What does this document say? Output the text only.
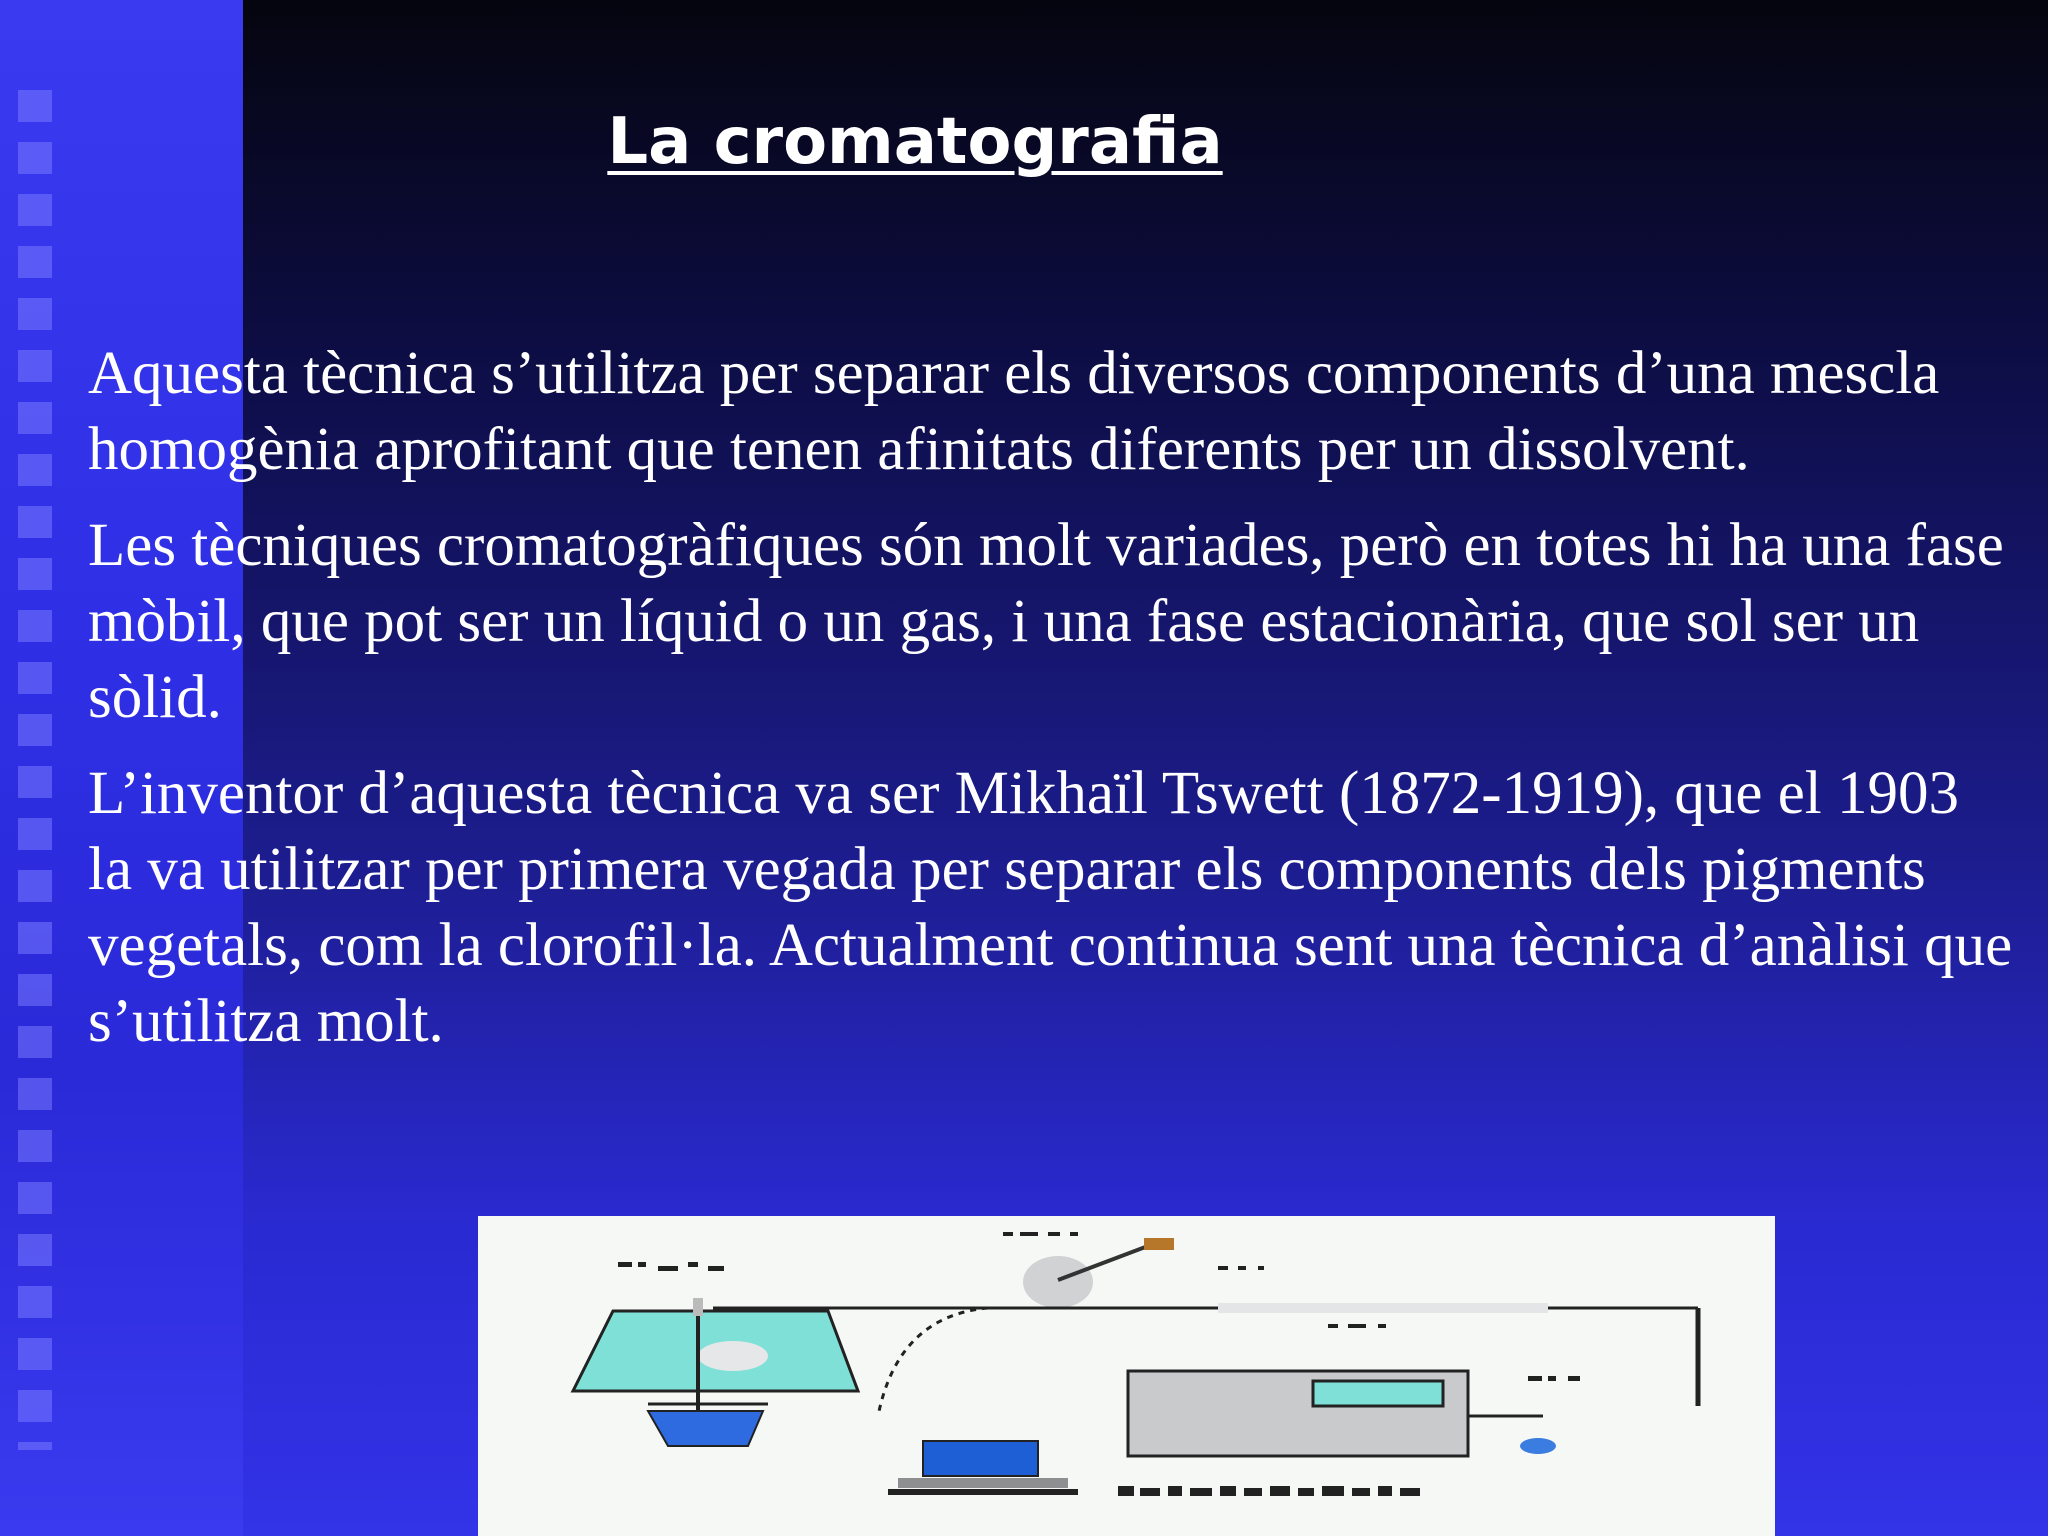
La cromatografia

Aquesta tècnica s’utilitza per separar els diversos components d’una mescla homogènia aprofitant que tenen afinitats diferents per un dissolvent.

Les tècniques cromatogràfiques són molt variades, però en totes hi ha una fase mòbil, que pot ser un líquid o un gas, i una fase estacionària, que sol ser un sòlid.

L’inventor d’aquesta tècnica va ser Mikhaïl Tswett (1872-1919), que el 1903 la va utilitzar per primera vegada per separar els components dels pigments vegetals, com la clorofil·la. Actualment continua sent una tècnica d’anàlisi que s’utilitza molt.
